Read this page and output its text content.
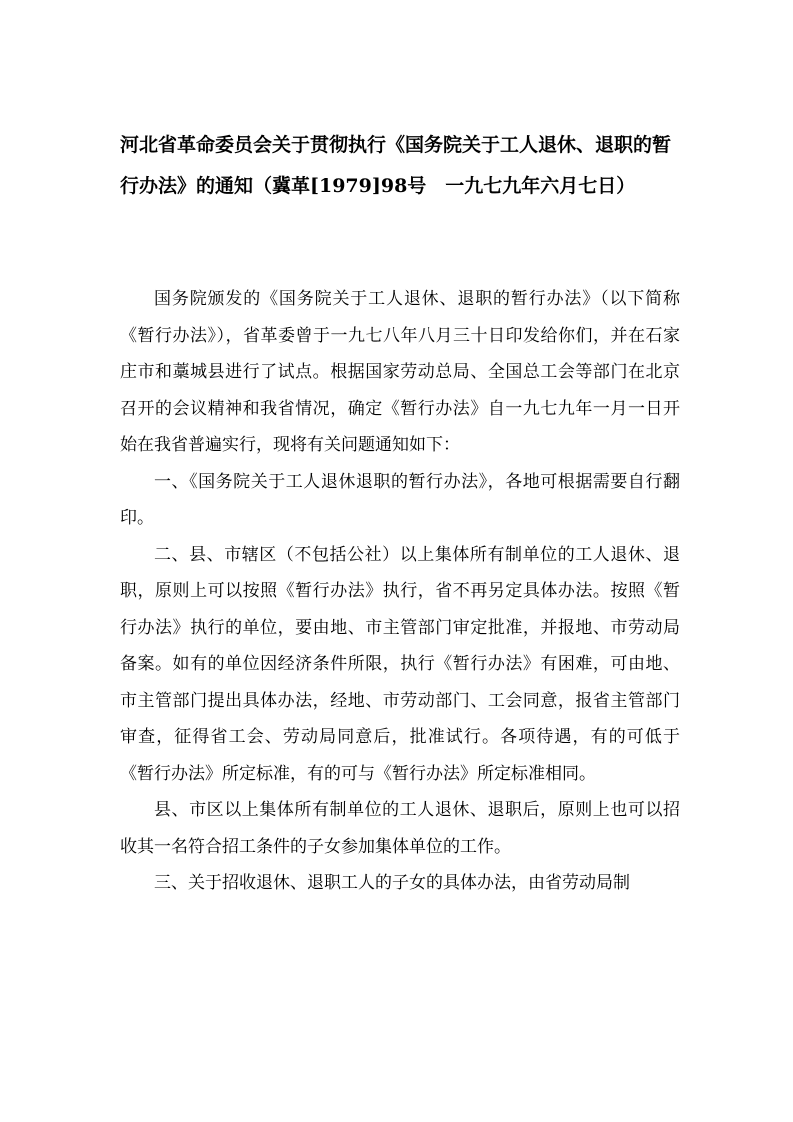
河北省革命委员会关于贯彻执行《国务院关于工人退休、退职的暂行办法》的通知（冀革[1979]98号　一九七九年六月七日）

国务院颁发的《国务院关于工人退休、退职的暂行办法》（以下简称《暂行办法》），省革委曾于一九七八年八月三十日印发给你们，并在石家庄市和藁城县进行了试点。根据国家劳动总局、全国总工会等部门在北京召开的会议精神和我省情况，确定《暂行办法》自一九七九年一月一日开始在我省普遍实行，现将有关问题通知如下：

一、《国务院关于工人退休退职的暂行办法》，各地可根据需要自行翻印。

二、县、市辖区（不包括公社）以上集体所有制单位的工人退休、退职，原则上可以按照《暂行办法》执行，省不再另定具体办法。按照《暂行办法》执行的单位，要由地、市主管部门审定批准，并报地、市劳动局备案。如有的单位因经济条件所限，执行《暂行办法》有困难，可由地、市主管部门提出具体办法，经地、市劳动部门、工会同意，报省主管部门审查，征得省工会、劳动局同意后，批准试行。各项待遇，有的可低于《暂行办法》所定标准，有的可与《暂行办法》所定标准相同。

县、市区以上集体所有制单位的工人退休、退职后，原则上也可以招收其一名符合招工条件的子女参加集体单位的工作。

三、关于招收退休、退职工人的子女的具体办法，由省劳动局制
